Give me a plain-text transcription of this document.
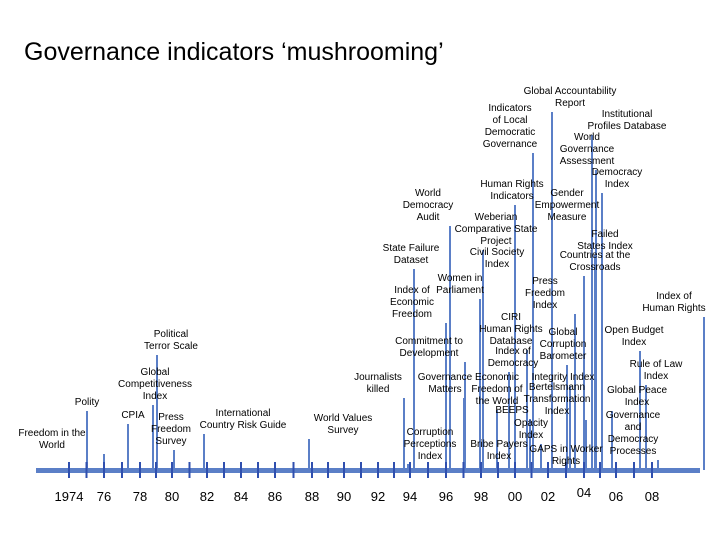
Governance indicators ‘mushrooming’
Freedom in the
World
Polity
CPIA
Political
Terror Scale
Global
Competitiveness
Index
Press
Freedom
Survey
International
Country Risk Guide
World Values
Survey
Journalists
killed
State Failure
Dataset
Commitment to
Development
Index of
Economic
Freedom
World
Democracy
Audit
Corruption
Perceptions
Index
Women in
Parliament
Governance
Matters
Weberian
Comparative State
Project
Human Rights
Indicators
Indicators
of Local
Democratic
Governance
Civil Society
Index
CIRI
Human Rights
Database
Index of
Democracy
Economic
Freedom of
the World
BEEPS
Opacity
Index
Bribe Payers
Index
Global Accountability
Report
Gender
Empowerment
Measure
Press
Freedom
Index
Global
Corruption
Barometer
Integrity Index
Bertelsmann
Transformation
Index
GAPS in Worker
Rights
Institutional
Profiles Database
World
Governance
Assessment
Failed
States Index
Countries at the
Crossroads
Democracy
Index
Index of
Human Rights
Open Budget
Index
Rule of Law
Index
Global Peace
Index
Governance
and
Democracy
Processes
1974 76 78 80 82 84 86 88 90 92 94 96 98 00 02 04 06 08
